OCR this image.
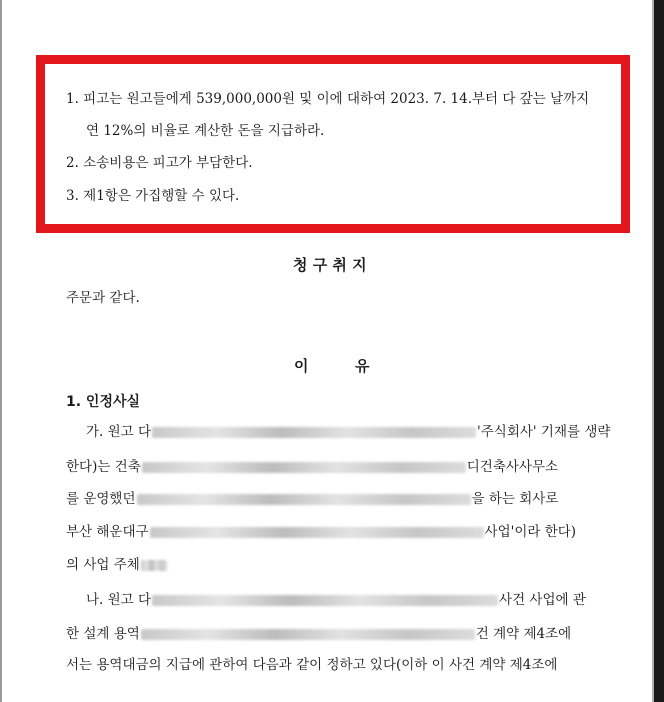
1. 피고는 원고들에게 539,000,000원 및 이에 대하여 2023. 7. 14.부터 다 갚는 날까지
연 12%의 비율로 계산한 돈을 지급하라.
2. 소송비용은 피고가 부담한다.
3. 제1항은 가집행할 수 있다.
청 구 취 지
주문과 같다.
이	유
1. 인정사실
가. 원고 다	'주식회사' 기재를 생략
한다)는 건축	디건축사사무소
를 운영했던	을 하는 회사로
부산 해운대구	사업'이라 한다)
의 사업 주체
나. 원고 다	사건 사업에 관
한 설계 용역	건 계약 제4조에
서는 용역대금의 지급에 관하여 다음과 같이 정하고 있다(이하 이 사건 계약 제4조에
